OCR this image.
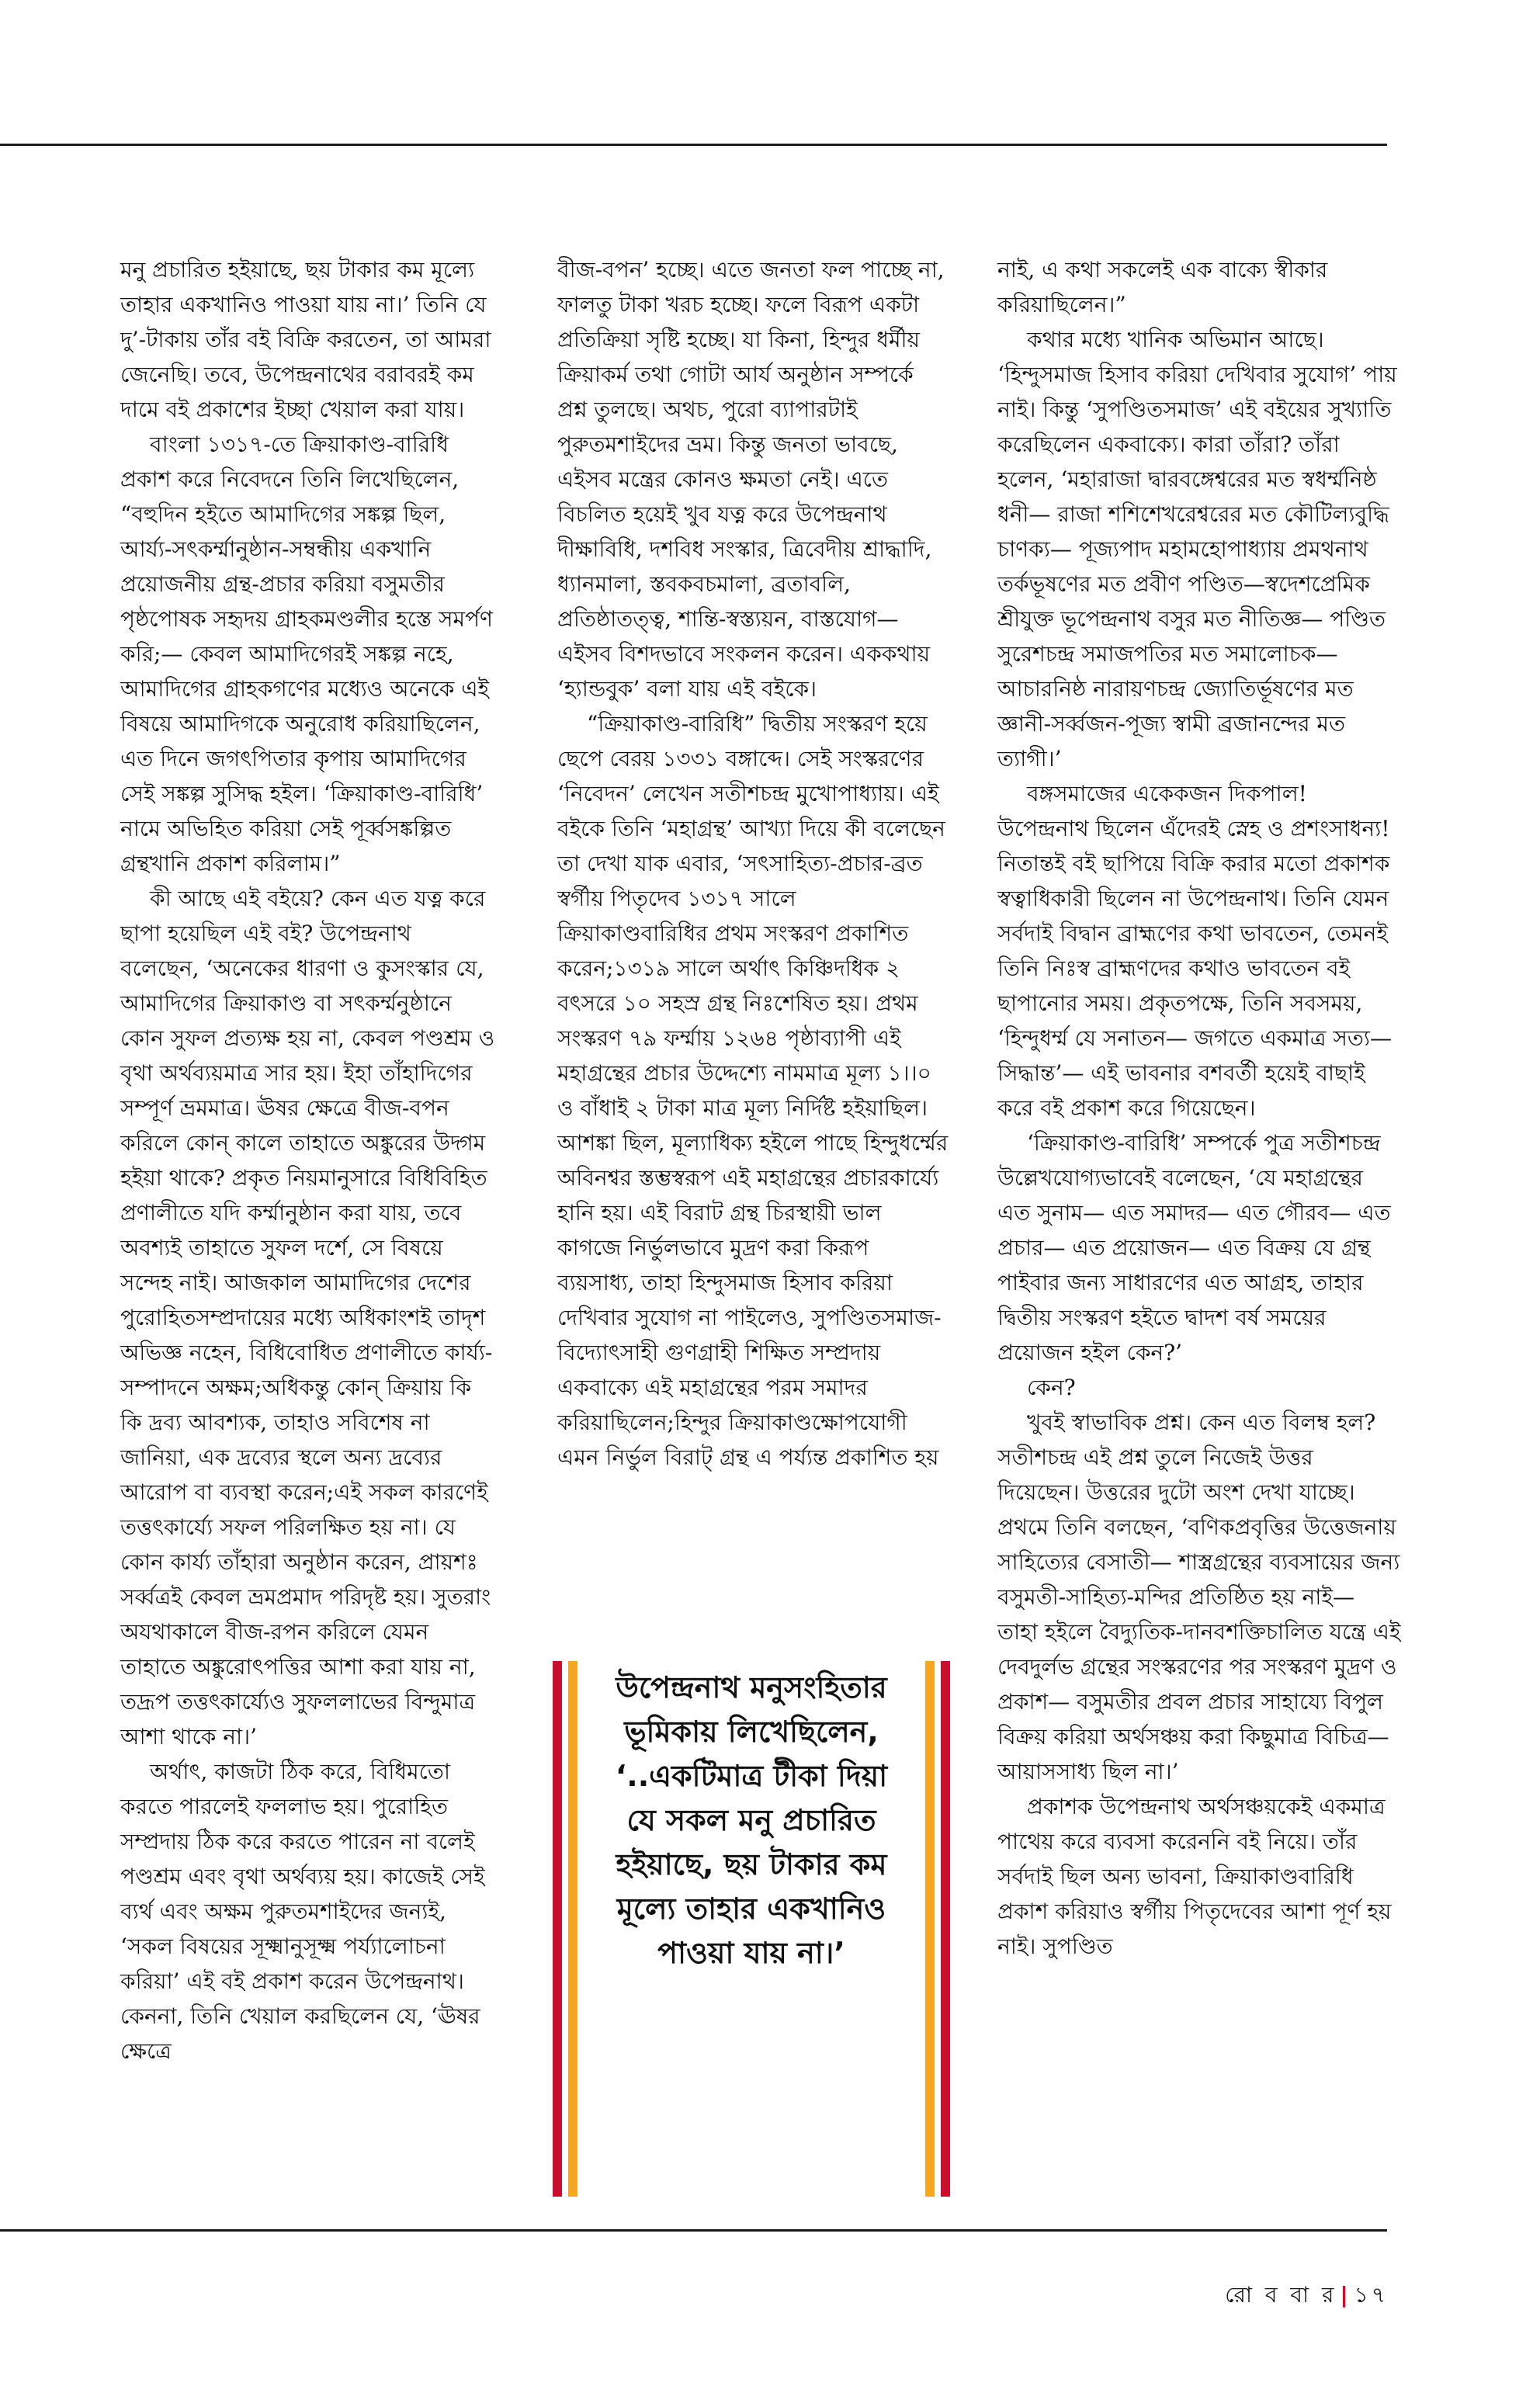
মনু প্রচারিত হইয়াছে, ছয় টাকার কম মূল্যে তাহার একখানিও পাওয়া যায় না।’ তিনি যে দু’-টাকায় তাঁর বই বিক্রি করতেন, তা আমরা জেনেছি। তবে, উপেন্দ্রনাথের বরাবরই কম দামে বই প্রকাশের ইচ্ছা খেয়াল করা যায়।

বাংলা ১৩১৭-তে ক্রিয়াকাণ্ড-বারিধি প্রকাশ করে নিবেদনে তিনি লিখেছিলেন, “বহুদিন হইতে আমাদিগের সঙ্কল্প ছিল, আর্য্য-সৎকর্ম্মানুষ্ঠান-সম্বন্ধীয় একখানি প্রয়োজনীয় গ্রন্থ-প্রচার করিয়া বসুমতীর পৃষ্ঠপোষক সহৃদয় গ্রাহকমণ্ডলীর হস্তে সমর্পণ করি;— কেবল আমাদিগেরই সঙ্কল্প নহে, আমাদিগের গ্রাহকগণের মধ্যেও অনেকে এই বিষয়ে আমাদিগকে অনুরোধ করিয়াছিলেন, এত দিনে জগৎপিতার কৃপায় আমাদিগের সেই সঙ্কল্প সুসিদ্ধ হইল। ‘ক্রিয়াকাণ্ড-বারিধি’ নামে অভিহিত করিয়া সেই পূর্ব্বসঙ্কল্পিত গ্রন্থখানি প্রকাশ করিলাম।”

কী আছে এই বইয়ে? কেন এত যত্ন করে ছাপা হয়েছিল এই বই? উপেন্দ্রনাথ বলেছেন, ‘অনেকের ধারণা ও কুসংস্কার যে, আমাদিগের ক্রিয়াকাণ্ড বা সৎকর্ম্মনুষ্ঠানে কোন সুফল প্রত্যক্ষ হয় না, কেবল পণ্ডশ্রম ও বৃথা অর্থব্যয়মাত্র সার হয়। ইহা তাঁহাদিগের সম্পূর্ণ ভ্রমমাত্র। ঊষর ক্ষেত্রে বীজ-বপন করিলে কোন্ কালে তাহাতে অঙ্কুরের উদ্গম হইয়া থাকে? প্রকৃত নিয়মানুসারে বিধিবিহিত প্রণালীতে যদি কর্ম্মানুষ্ঠান করা যায়, তবে অবশ্যই তাহাতে সুফল দর্শে, সে বিষয়ে সন্দেহ নাই। আজকাল আমাদিগের দেশের পুরোহিতসম্প্রদায়ের মধ্যে অধিকাংশই তাদৃশ অভিজ্ঞ নহেন, বিধিবোধিত প্রণালীতে কার্য্য-সম্পাদনে অক্ষম;অধিকন্তু কোন্ ক্রিয়ায় কি কি দ্রব্য আবশ্যক, তাহাও সবিশেষ না জানিয়া, এক দ্রব্যের স্থলে অন্য দ্রব্যের আরোপ বা ব্যবস্থা করেন;এই সকল কারণেই তত্তৎকার্য্যে সফল পরিলক্ষিত হয় না। যে কোন কার্য্য তাঁহারা অনুষ্ঠান করেন, প্রায়শঃ সর্ব্বত্রই কেবল ভ্রমপ্রমাদ পরিদৃষ্ট হয়। সুতরাং অযথাকালে বীজ-রপন করিলে যেমন তাহাতে অঙ্কুরোৎপত্তির আশা করা যায় না, তদ্রূপ তত্তৎকার্য্যেও সুফললাভের বিন্দুমাত্র আশা থাকে না।’

অর্থাৎ, কাজটা ঠিক করে, বিধিমতো করতে পারলেই ফললাভ হয়। পুরোহিত সম্প্রদায় ঠিক করে করতে পারেন না বলেই পণ্ডশ্রম এবং বৃথা অর্থব্যয় হয়। কাজেই সেই ব্যর্থ এবং অক্ষম পুরুতমশাইদের জন্যই, ‘সকল বিষয়ের সূক্ষ্মানুসূক্ষ্ম পর্য্যালোচনা করিয়া’ এই বই প্রকাশ করেন উপেন্দ্রনাথ। কেননা, তিনি খেয়াল করছিলেন যে, ‘ঊষর ক্ষেত্রে

বীজ-বপন’ হচ্ছে। এতে জনতা ফল পাচ্ছে না, ফালতু টাকা খরচ হচ্ছে। ফলে বিরূপ একটা প্রতিক্রিয়া সৃষ্টি হচ্ছে। যা কিনা, হিন্দুর ধর্মীয় ক্রিয়াকর্ম তথা গোটা আর্য অনুষ্ঠান সম্পর্কে প্রশ্ন তুলছে। অথচ, পুরো ব্যাপারটাই পুরুতমশাইদের ভ্রম। কিন্তু জনতা ভাবছে, এইসব মন্ত্রের কোনও ক্ষমতা নেই। এতে বিচলিত হয়েই খুব যত্ন করে উপেন্দ্রনাথ দীক্ষাবিধি, দশবিধ সংস্কার, ত্রিবেদীয় শ্রাদ্ধাদি, ধ্যানমালা, স্তবকবচমালা, ব্রতাবলি, প্রতিষ্ঠাতত্ত্ব, শান্তি-স্বস্ত্যয়ন, বাস্তযোগ— এইসব বিশদভাবে সংকলন করেন। এককথায় ‘হ্যান্ডবুক’ বলা যায় এই বইকে।

“ক্রিয়াকাণ্ড-বারিধি” দ্বিতীয় সংস্করণ হয়ে ছেপে বেরয় ১৩৩১ বঙ্গাব্দে। সেই সংস্করণের ‘নিবেদন’ লেখেন সতীশচন্দ্র মুখোপাধ্যায়। এই বইকে তিনি ‘মহাগ্রন্থ’ আখ্যা দিয়ে কী বলেছেন তা দেখা যাক এবার, ‘সৎসাহিত্য-প্রচার-ব্রত স্বর্গীয় পিতৃদেব ১৩১৭ সালে ক্রিয়াকাণ্ডবারিধির প্রথম সংস্করণ প্রকাশিত করেন;১৩১৯ সালে অর্থাৎ কিঞ্চিদধিক ২ বৎসরে ১০ সহস্র গ্রন্থ নিঃশেষিত হয়। প্রথম সংস্করণ ৭৯ ফর্ম্মায় ১২৬৪ পৃষ্ঠাব্যাপী এই মহাগ্রন্থের প্রচার উদ্দেশ্যে নামমাত্র মূল্য ১।।০ ও বাঁধাই ২ টাকা মাত্র মূল্য নির্দিষ্ট হইয়াছিল। আশঙ্কা ছিল, মূল্যাধিক্য হইলে পাছে হিন্দুধর্ম্মের অবিনশ্বর স্তম্ভস্বরূপ এই মহাগ্রন্থের প্রচারকার্য্যে হানি হয়। এই বিরাট গ্রন্থ চিরস্থায়ী ভাল কাগজে নির্ভুলভাবে মুদ্রণ করা কিরূপ ব্যয়সাধ্য, তাহা হিন্দুসমাজ হিসাব করিয়া দেখিবার সুযোগ না পাইলেও, সুপণ্ডিতসমাজ-বিদ্যোৎসাহী গুণগ্রাহী শিক্ষিত সম্প্রদায় একবাক্যে এই মহাগ্রন্থের পরম সমাদর করিয়াছিলেন;হিন্দুর ক্রিয়াকাণ্ডক্ষোপযোগী এমন নির্ভুল বিরাট্ গ্রন্থ এ পর্য্যন্ত প্রকাশিত হয়

নাই, এ কথা সকলেই এক বাক্যে স্বীকার করিয়াছিলেন।”

কথার মধ্যে খানিক অভিমান আছে। ‘হিন্দুসমাজ হিসাব করিয়া দেখিবার সুযোগ’ পায় নাই। কিন্তু ‘সুপণ্ডিতসমাজ’ এই বইয়ের সুখ্যাতি করেছিলেন একবাক্যে। কারা তাঁরা? তাঁরা হলেন, ‘মহারাজা দ্বারবঙ্গেশ্বরের মত স্বধর্ম্মনিষ্ঠ ধনী— রাজা শশিশেখরেশ্বরের মত কৌটিল্যবুদ্ধি চাণক্য— পূজ্যপাদ মহামহোপাধ্যায় প্রমথনাথ তর্কভূষণের মত প্রবীণ পণ্ডিত—স্বদেশপ্রেমিক শ্রীযুক্ত ভূপেন্দ্রনাথ বসুর মত নীতিজ্ঞ— পণ্ডিত সুরেশচন্দ্র সমাজপতির মত সমালোচক— আচারনিষ্ঠ নারায়ণচন্দ্র জ্যোতির্ভূষণের মত জ্ঞানী-সর্ব্বজন-পূজ্য স্বামী ব্রজানন্দের মত ত্যাগী।’

বঙ্গসমাজের একেকজন দিকপাল! উপেন্দ্রনাথ ছিলেন এঁদেরই স্নেহ ও প্রশংসাধন্য! নিতান্তই বই ছাপিয়ে বিক্রি করার মতো প্রকাশক স্বত্বাধিকারী ছিলেন না উপেন্দ্রনাথ। তিনি যেমন সর্বদাই বিদ্বান ব্রাহ্মণের কথা ভাবতেন, তেমনই তিনি নিঃস্ব ব্রাহ্মণদের কথাও ভাবতেন বই ছাপানোর সময়। প্রকৃতপক্ষে, তিনি সবসময়, ‘হিন্দুধর্ম্ম যে সনাতন— জগতে একমাত্র সত্য— সিদ্ধান্ত’— এই ভাবনার বশবর্তী হয়েই বাছাই করে বই প্রকাশ করে গিয়েছেন।

‘ক্রিয়াকাণ্ড-বারিধি’ সম্পর্কে পুত্র সতীশচন্দ্র উল্লেখযোগ্যভাবেই বলেছেন, ‘যে মহাগ্রন্থের এত সুনাম— এত সমাদর— এত গৌরব— এত প্রচার— এত প্রয়োজন— এত বিক্রয় যে গ্রন্থ পাইবার জন্য সাধারণের এত আগ্রহ, তাহার দ্বিতীয় সংস্করণ হইতে দ্বাদশ বর্ষ সময়ের প্রয়োজন হইল কেন?’

কেন?

খুবই স্বাভাবিক প্রশ্ন। কেন এত বিলম্ব হল? সতীশচন্দ্র এই প্রশ্ন তুলে নিজেই উত্তর দিয়েছেন। উত্তরের দুটো অংশ দেখা যাচ্ছে। প্রথমে তিনি বলছেন, ‘বণিকপ্রবৃত্তির উত্তেজনায় সাহিত্যের বেসাতী— শাস্ত্রগ্রন্থের ব্যবসায়ের জন্য বসুমতী-সাহিত্য-মন্দির প্রতিষ্ঠিত হয় নাই— তাহা হইলে বৈদ্যুতিক-দানবশক্তিচালিত যন্ত্রে এই দেবদুর্লভ গ্রন্থের সংস্করণের পর সংস্করণ মুদ্রণ ও প্রকাশ— বসুমতীর প্রবল প্রচার সাহায্যে বিপুল বিক্রয় করিয়া অর্থসঞ্চয় করা কিছুমাত্র বিচিত্র— আয়াসসাধ্য ছিল না।’

প্রকাশক উপেন্দ্রনাথ অর্থসঞ্চয়কেই একমাত্র পাথেয় করে ব্যবসা করেননি বই নিয়ে। তাঁর সর্বদাই ছিল অন্য ভাবনা, ক্রিয়াকাণ্ডবারিধি প্রকাশ করিয়াও স্বর্গীয় পিতৃদেবের আশা পূর্ণ হয় নাই। সুপণ্ডিত

উপেন্দ্রনাথ মনুসংহিতার ভূমিকায় লিখেছিলেন, ‘..একটিমাত্র টীকা দিয়া যে সকল মনু প্রচারিত হইয়াছে, ছয় টাকার কম মূল্যে তাহার একখানিও পাওয়া যায় না।’
রো ব বা র | ১৭
